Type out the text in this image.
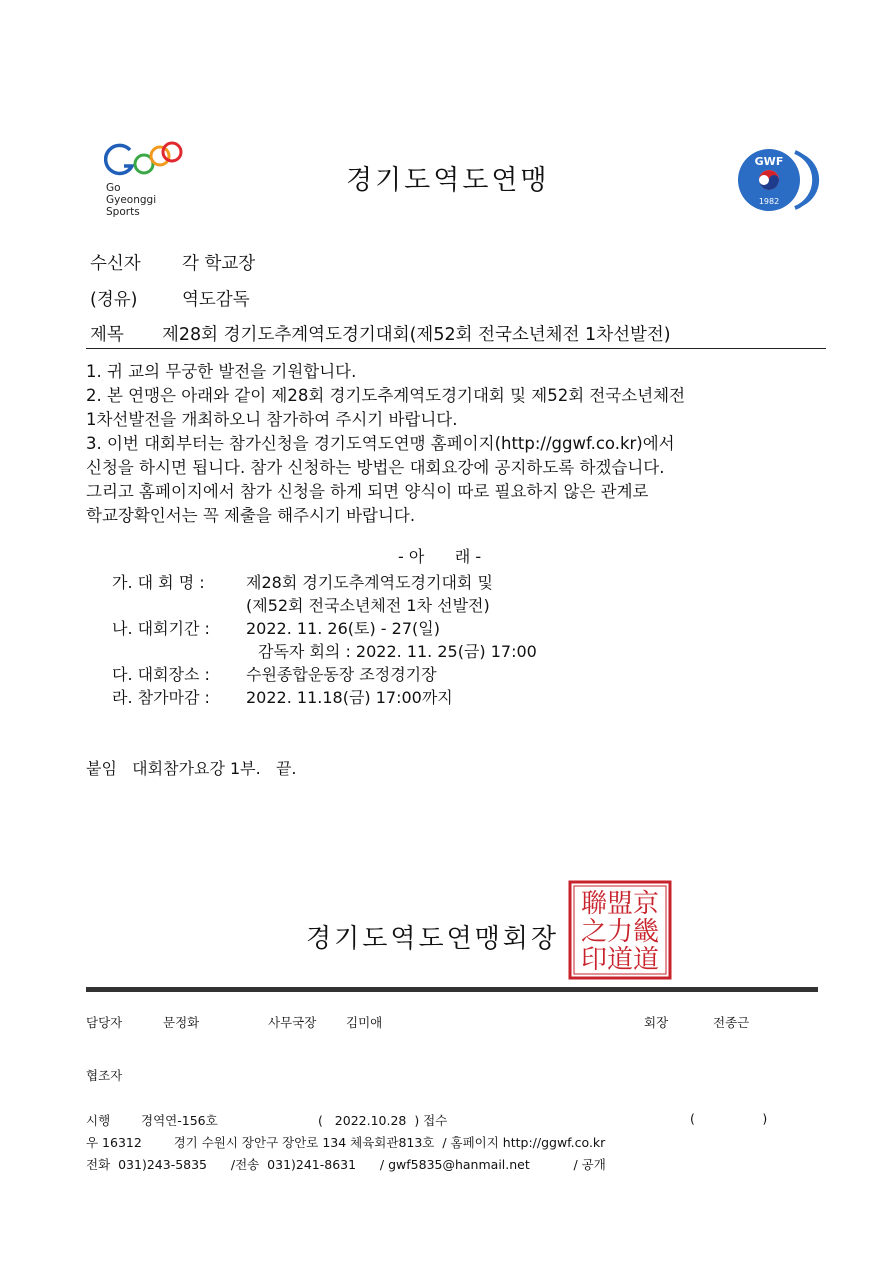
Go
Gyeonggi
Sports
경기도역도연맹
GWF
1982
수신자 각 학교장
(경유)	역도감독
제목 제28회 경기도추계역도경기대회(제52회 전국소년체전 1차선발전)
1. 귀 교의 무궁한 발전을 기원합니다.
2. 본 연맹은 아래와 같이 제28회 경기도추계역도경기대회 및 제52회 전국소년체전
1차선발전을 개최하오니 참가하여 주시기 바랍니다.
3. 이번 대회부터는 참가신청을 경기도역도연맹 홈페이지(http://ggwf.co.kr)에서
신청을 하시면 됩니다. 참가 신청하는 방법은 대회요강에 공지하도록 하겠습니다.
그리고 홈페이지에서 참가 신청을 하게 되면 양식이 따로 필요하지 않은 관계로
학교장확인서는 꼭 제출을 해주시기 바랍니다.
- 아      래 -
가. 대 회 명 :	제28회 경기도추계역도경기대회 및
(제52회 전국소년체전 1차 선발전)
나. 대회기간 : 2022. 11. 26(토) - 27(일)
감독자 회의 : 2022. 11. 25(금) 17:00
다. 대회장소 : 수원종합운동장 조정경기장
라. 참가마감 : 2022. 11.18(금) 17:00까지
붙임   대회참가요강 1부.   끝.
京
畿
道
盟
力
道
聯
之
印
경기도역도연맹회장
담당자	문정화	사무국장 김미애	회장	전종근
협조자
시행 경역연-156호	(   2022.10.28  ) 접수	(                 )
우 16312        경기 수원시 장안구 장안로 134 체육회관813호  / 홈페이지 http://ggwf.co.kr
전화  031)243-5835      /전송  031)241-8631      / gwf5835@hanmail.net           / 공개
